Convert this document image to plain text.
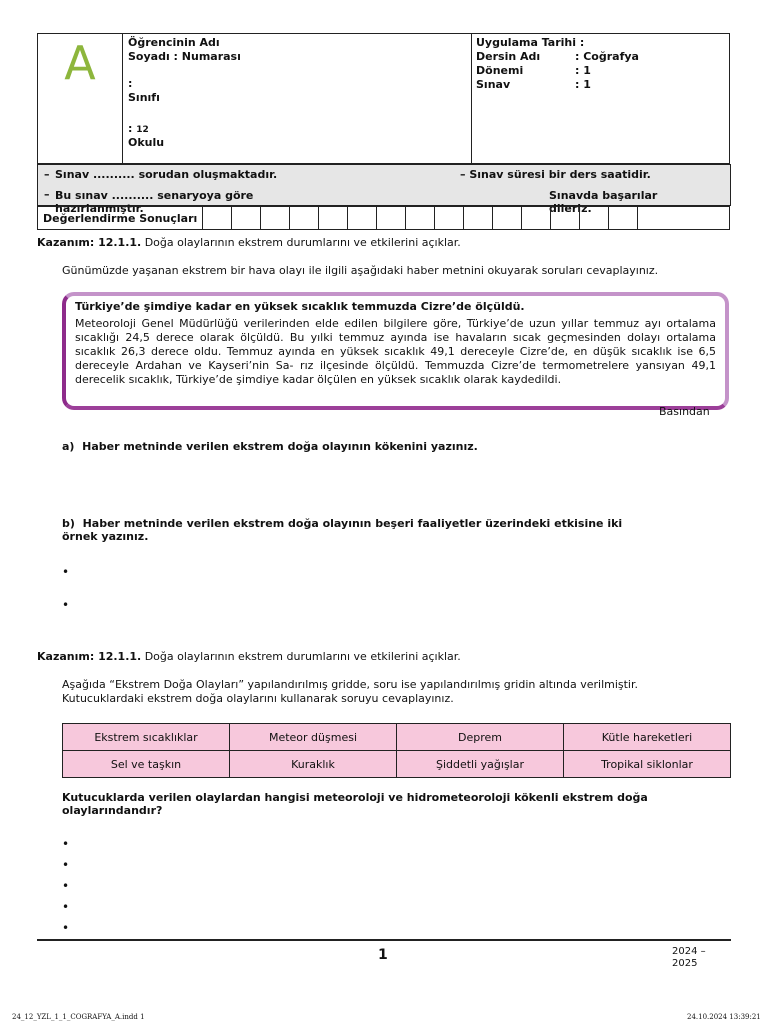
A	Öğrencinin Adı
Soyadı : Numarası
:
Sınıfı
: 12
Okulu
Uygulama Tarihi :
Dersin Adı	: Coğrafya
Dönemi	: 1
Sınav	: 1
– Sınav .......... sorudan oluşmaktadır.	– Sınav süresi bir ders saatidir.
– Bu sınav .......... senaryoya göre hazırlanmıştır.
Sınavda başarılar dileriz.
Değerlendirme Sonuçları
Kazanım: 12.1.1. Doğa olaylarının ekstrem durumlarını ve etkilerini açıklar.
Günümüzde yaşanan ekstrem bir hava olayı ile ilgili aşağıdaki haber metnini okuyarak soruları cevaplayınız.
Türkiye’de şimdiye kadar en yüksek sıcaklık temmuzda Cizre’de ölçüldü.
Meteoroloji Genel Müdürlüğü verilerinden elde edilen bilgilere göre, Türkiye’de uzun yıllar temmuz ayı ortalama sıcaklığı 24,5 derece olarak ölçüldü. Bu yılki temmuz ayında ise havaların sıcak geçmesinden dolayı ortalama sıcaklık 26,3 derece oldu. Temmuz ayında en yüksek sıcaklık 49,1 dereceyle Cizre’de, en düşük sıcaklık ise 6,5 dereceyle Ardahan ve Kayseri’nin Sa- rız ilçesinde ölçüldü. Temmuzda Cizre’de termometrelere yansıyan 49,1 derecelik sıcaklık, Türkiye’de şimdiye kadar ölçülen en yüksek sıcaklık olarak kaydedildi.
Basından
a) Haber metninde verilen ekstrem doğa olayının kökenini yazınız.
b) Haber metninde verilen ekstrem doğa olayının beşeri faaliyetler üzerindeki etkisine iki örnek yazınız.
•
•
Kazanım: 12.1.1. Doğa olaylarının ekstrem durumlarını ve etkilerini açıklar.
Aşağıda “Ekstrem Doğa Olayları” yapılandırılmış gridde, soru ise yapılandırılmış gridin altında verilmiştir.
Kutucuklardaki ekstrem doğa olaylarını kullanarak soruyu cevaplayınız.
Ekstrem sıcaklıklar	Meteor düşmesi	Deprem	Kütle hareketleri
Sel ve taşkın	Kuraklık	Şiddetli yağışlar	Tropikal siklonlar
Kutucuklarda verilen olaylardan hangisi meteoroloji ve hidrometeoroloji kökenli ekstrem doğa olaylarındandır?
•
•
•
•
•
1	2024 – 2025
24_12_YZL_1_1_COGRAFYA_A.indd 1	24.10.2024 13:39:21
